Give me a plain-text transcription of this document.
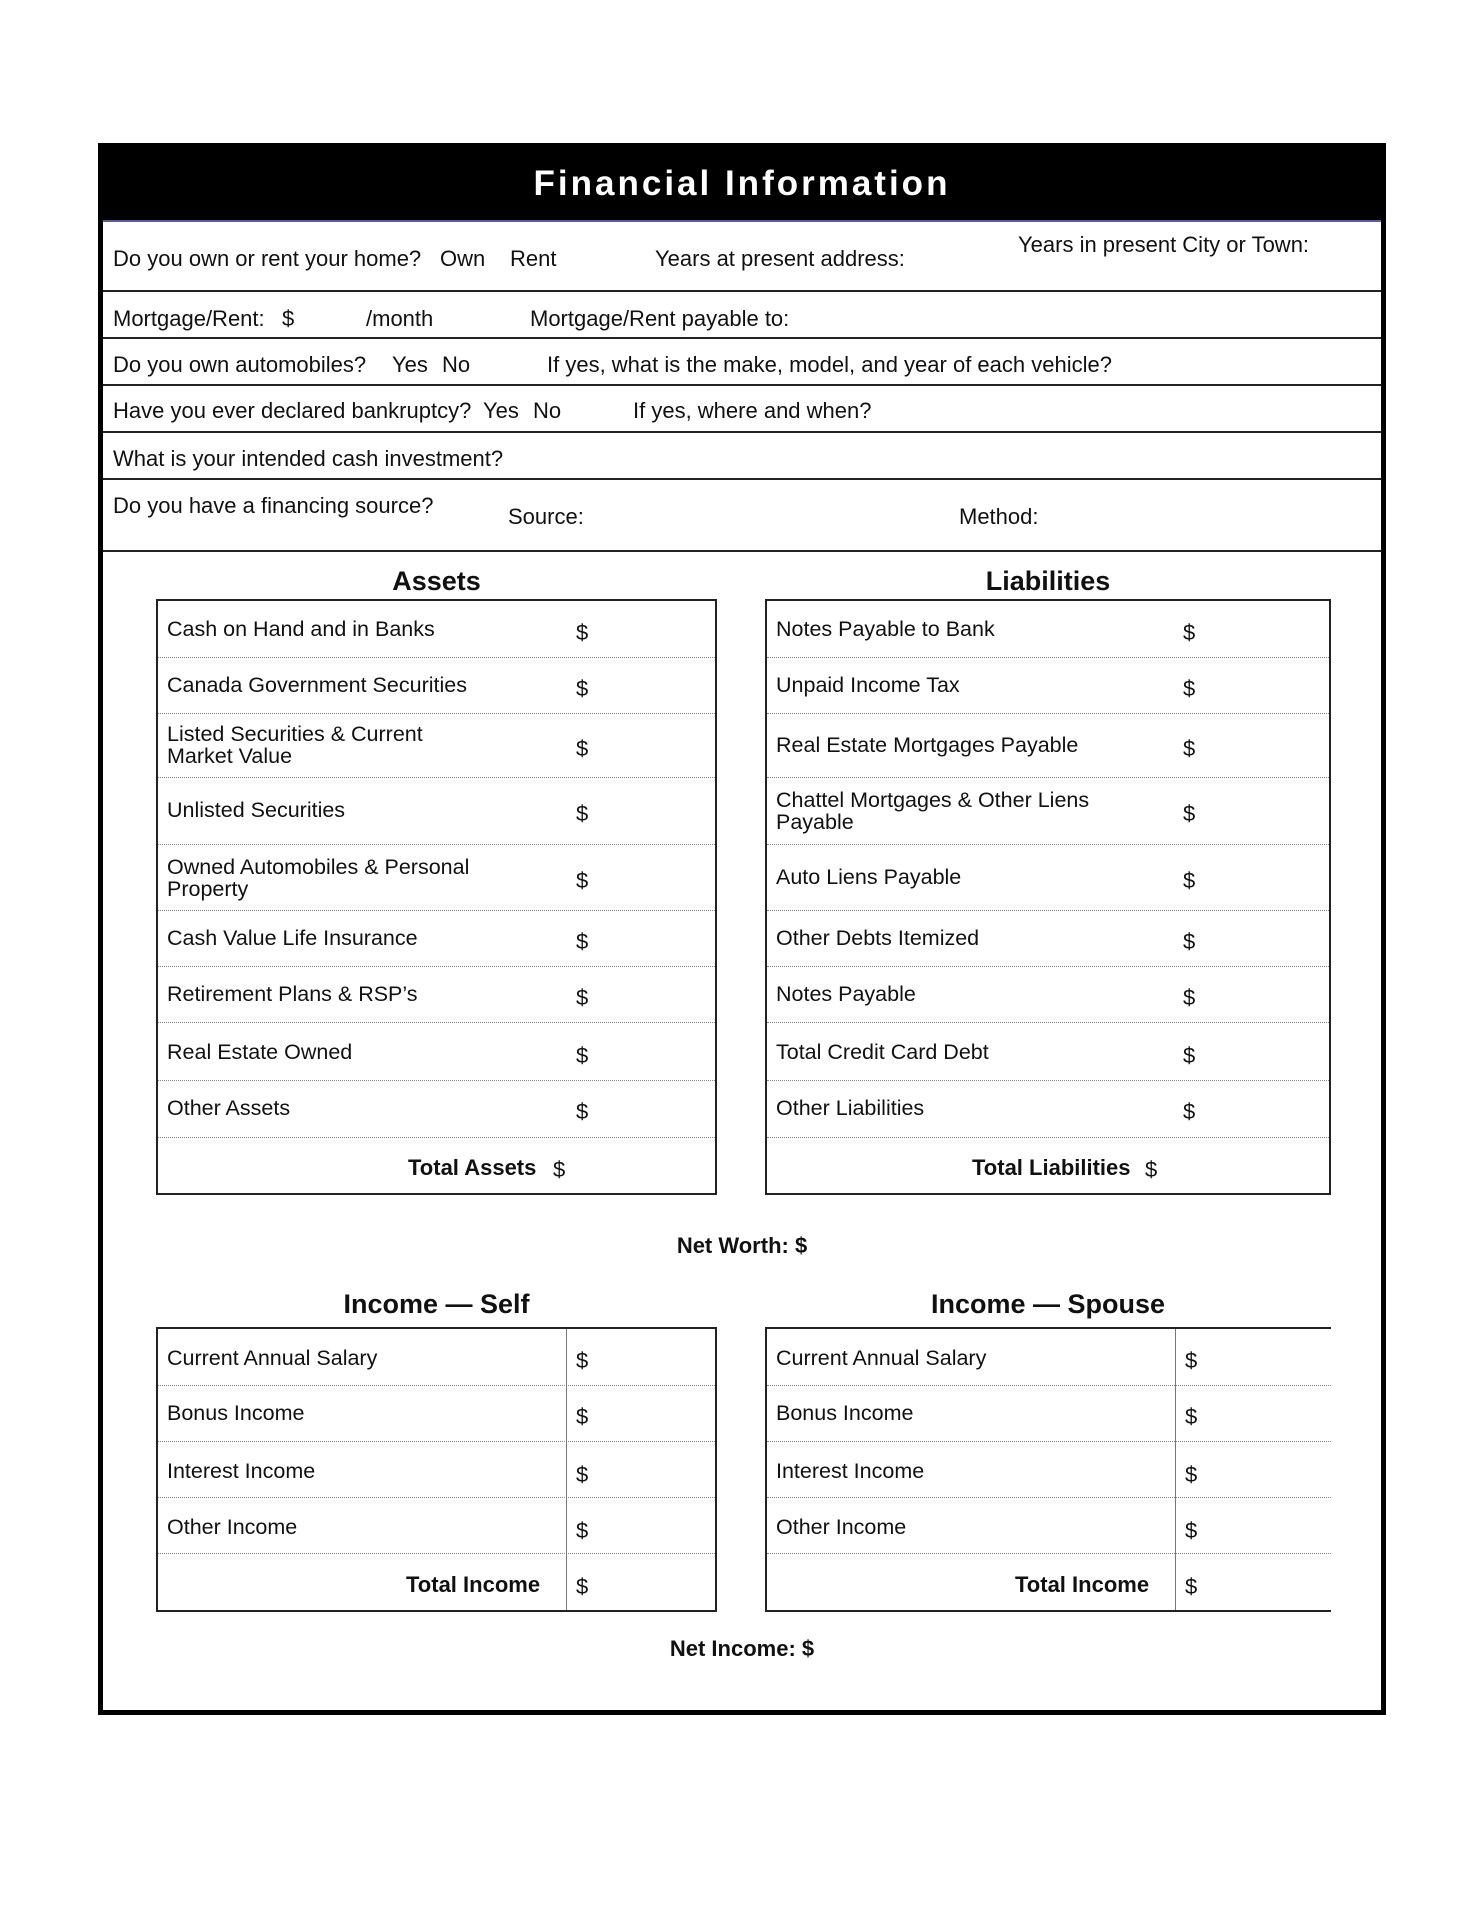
Financial Information
Do you own or rent your home? Own Rent	Years at present address:
Years in present City or Town:
Mortgage/Rent: $	/month	Mortgage/Rent payable to:
Do you own automobiles? Yes No	If yes, what is the make, model, and year of each vehicle?
Have you ever declared bankruptcy? Yes No	If yes, where and when?
What is your intended cash investment?
Do you have a financing source?	Source:	Method:
Assets
Cash on Hand and in Banks	$
Canada Government Securities	$
Listed Securities & Current Market Value	$
Unlisted Securities	$
Owned Automobiles & Personal Property	$
Cash Value Life Insurance	$
Retirement Plans & RSP’s	$
Real Estate Owned	$
Other Assets	$
Total Assets $
Liabilities
Notes Payable to Bank	$
Unpaid Income Tax	$
Real Estate Mortgages Payable	$
Chattel Mortgages & Other Liens Payable	$
Auto Liens Payable	$
Other Debts Itemized	$
Notes Payable	$
Total Credit Card Debt	$
Other Liabilities	$
Total Liabilities $
Net Worth: $
Income — Self
Current Annual Salary	$
Bonus Income	$
Interest Income	$
Other Income	$
Total Income $
Income — Spouse
Current Annual Salary	$
Bonus Income	$
Interest Income	$
Other Income	$
Total Income $
Net Income: $
